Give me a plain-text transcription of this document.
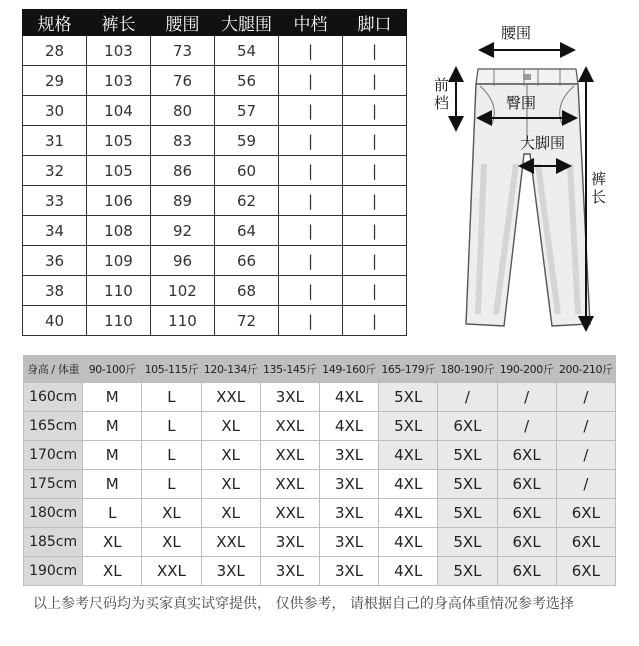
规格	裤长	腰围	大腿围	中档	脚口
28	103	73	54	|	|
29	103	76	56	|	|
30	104	80	57	|	|
31	105	83	59	|	|
32	105	86	60	|	|
33	106	89	62	|	|
34	108	92	64	|	|
36	109	96	66	|	|
38	110	102	68	|	|
40	110	110	72	|	|
腰围
前
档	臀围
大脚围
裤
长
身高 / 体重	90-100斤	105-115斤	120-134斤	135-145斤	149-160斤	165-179斤	180-190斤	190-200斤	200-210斤
160cm	M	L	XXL	3XL	4XL	5XL	/	/	/
165cm	M	L	XL	XXL	4XL	5XL	6XL	/	/
170cm	M	L	XL	XXL	3XL	4XL	5XL	6XL	/
175cm	M	L	XL	XXL	3XL	4XL	5XL	6XL	/
180cm	L	XL	XL	XXL	3XL	4XL	5XL	6XL	6XL
185cm	XL	XL	XXL	3XL	3XL	4XL	5XL	6XL	6XL
190cm	XL	XXL	3XL	3XL	3XL	4XL	5XL	6XL	6XL
以上参考尺码均为买家真实试穿提供， 仅供参考， 请根据自己的身高体重情况参考选择
